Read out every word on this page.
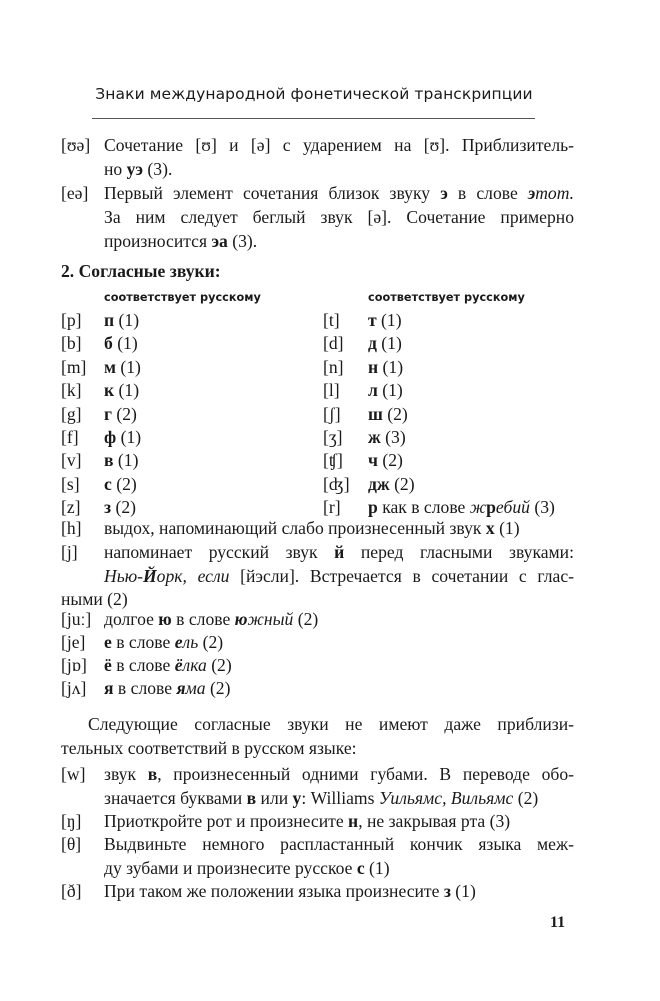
Знаки международной фонетической транскрипции
[ʊə] Сочетание [ʊ] и [ə] с ударением на [ʊ]. Приблизитель-
но уэ (3).
[eə] Первый элемент сочетания близок звуку э в слове этот.
За ним следует беглый звук [ə]. Сочетание примерно
произносится эа (3).
2. Согласные звуки:
соответствует русскому	соответствует русскому
[p] п (1)
[b] б (1)
[m] м (1)
[k] к (1)
[g] г (2)
[f] ф (1)
[v] в (1)
[s] с (2)
[z] з (2)
[t] т (1)
[d] д (1)
[n] н (1)
[l] л (1)
[ʃ] ш (2)
[ʒ] ж (3)
[ʧ] ч (2)
[ʤ] дж (2)
[r] р как в слове жребий (3)
[h] выдох, напоминающий слабо произнесенный звук х (1)
[j] напоминает русский звук й перед гласными звуками:
Нью-Йорк, если [йэсли]. Встречается в сочетании с глас-
ными (2)
[juː] долгое ю в слове южный (2)
[je] е в слове ель (2)
[jɒ] ё в слове ёлка (2)
[jʌ] я в слове яма (2)
Следующие согласные звуки не имеют даже приблизи-
тельных соответствий в русском языке:
[w] звук в, произнесенный одними губами. В переводе обо-
значается буквами в или у: Williams Уильямс, Вильямс (2)
[ŋ] Приоткройте рот и произнесите н, не закрывая рта (3)
[θ] Выдвиньте немного распластанный кончик языка меж-
ду зубами и произнесите русское с (1)
[ð] При таком же положении языка произнесите з (1)
11
